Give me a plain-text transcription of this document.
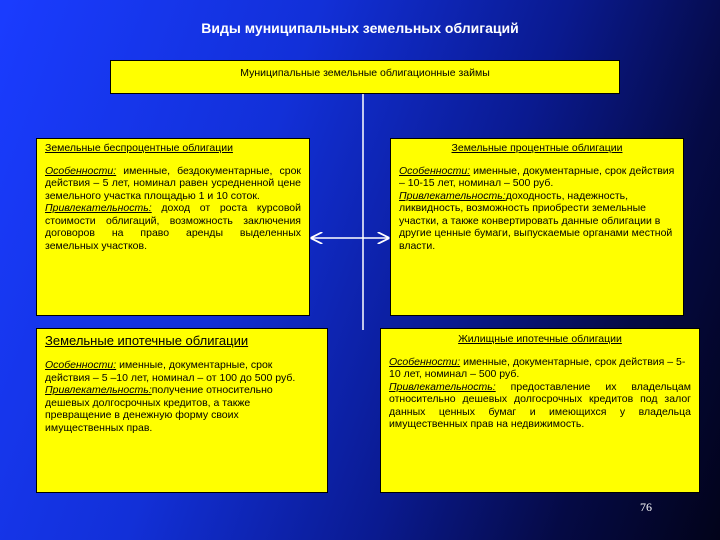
Виды муниципальных земельных облигаций
Муниципальные земельные облигационные займы
Земельные беспроцентные облигации
Особенности: именные, бездокументарные, срок действия – 5 лет, номинал равен усредненной цене земельного участка площадью 1 и 10 соток.
Привлекательность: доход от роста курсовой стоимости облигаций, возможность заключения договоров на право аренды выделенных земельных участков.
Земельные процентные облигации
Особенности: именные, документарные, срок действия – 10-15 лет, номинал – 500 руб.
Привлекательность:доходность, надежность, ликвидность, возможность приобрести земельные участки, а также конвертировать данные облигации в другие ценные бумаги, выпускаемые органами местной власти.
Земельные ипотечные облигации
Особенности: именные, документарные, срок действия – 5 –10 лет, номинал – от 100 до 500 руб.
Привлекательность:получение относительно дешевых долгосрочных кредитов, а также превращение в денежную форму своих имущественных прав.
Жилищные ипотечные облигации
Особенности: именные, документарные, срок действия – 5-10 лет, номинал – 500 руб.
Привлекательность: предоставление их владельцам относительно дешевых долгосрочных кредитов под залог данных ценных бумаг и имеющихся у владельца имущественных прав на недвижимость.
76
